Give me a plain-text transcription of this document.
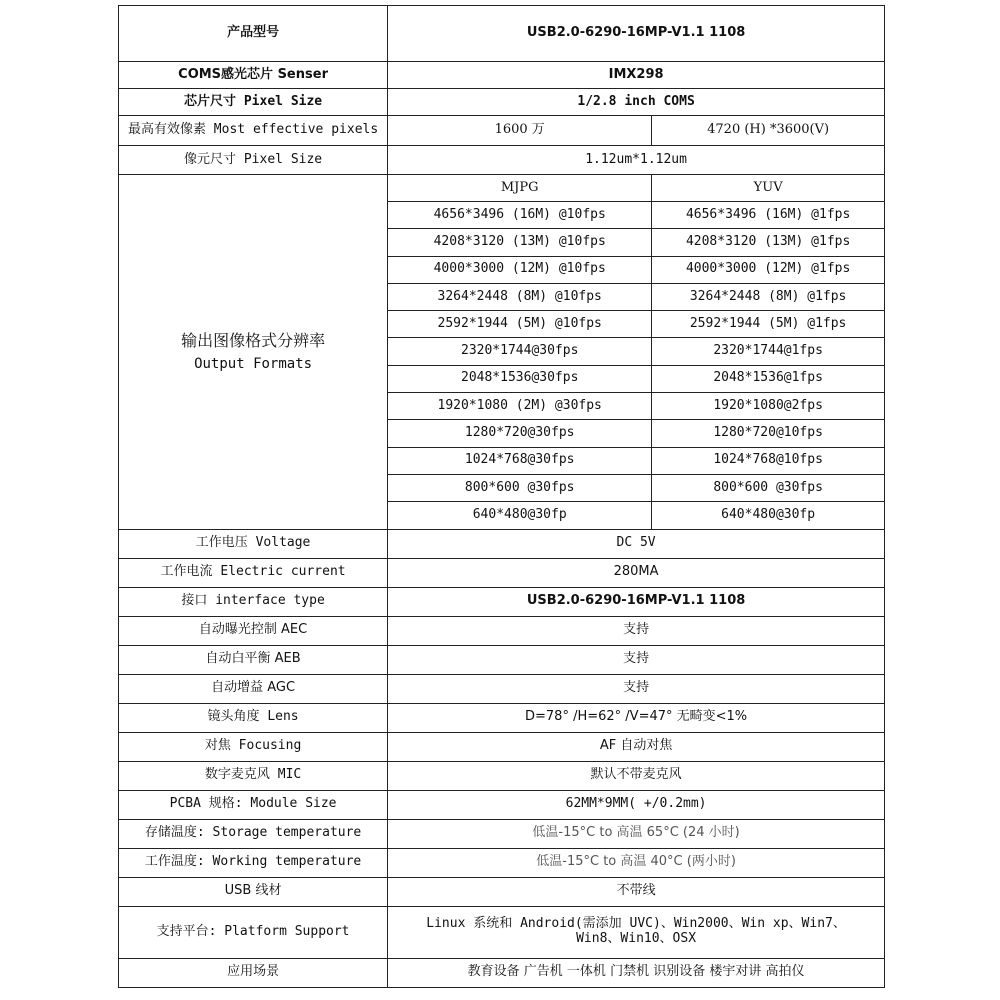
产品型号	USB2.0-6290-16MP-V1.1 1108	
COMS感光芯片 Senser	IMX298	
芯片尺寸 Pixel Size	1/2.8 inch COMS	
最高有效像素 Most effective pixels	1600 万	4720 (H) *3600(V)
像元尺寸 Pixel Size	1.12um*1.12um	

输出图像格式分辨率
Output Formats	MJPG	YUV
	4656*3496 (16M) @10fps	4656*3496 (16M) @1fps
	4208*3120 (13M) @10fps	4208*3120 (13M) @1fps
	4000*3000 (12M) @10fps	4000*3000 (12M) @1fps
	3264*2448 (8M) @10fps	3264*2448 (8M) @1fps
	2592*1944 (5M) @10fps	2592*1944 (5M) @1fps
	2320*1744@30fps	2320*1744@1fps
	2048*1536@30fps	2048*1536@1fps
	1920*1080 (2M) @30fps	1920*1080@2fps
	1280*720@30fps	1280*720@10fps
	1024*768@30fps	1024*768@10fps
	800*600 @30fps	800*600 @30fps
	640*480@30fp	640*480@30fp
工作电压 Voltage	DC 5V	
工作电流 Electric current	280MA	
接口 interface type	USB2.0-6290-16MP-V1.1 1108	
自动曝光控制 AEC	支持	
自动白平衡 AEB	支持	
自动增益 AGC	支持	
镜头角度 Lens	D=78° /H=62° /V=47° 无畸变<1%	
对焦 Focusing	AF 自动对焦	
数字麦克风 MIC	默认不带麦克风	
PCBA 规格: Module Size	62MM*9MM( +/0.2mm)	
存储温度: Storage temperature	低温-15°C to 高温 65°C (24 小时)	
工作温度: Working temperature	低温-15°C to 高温 40°C (两小时)	
USB 线材	不带线	
支持平台: Platform Support	Linux 系统和 Android(需添加 UVC)、Win2000、Win xp、Win7、
Win8、Win10、OSX	

应用场景	教育设备 广告机 一体机 门禁机 识别设备 楼宇对讲 高拍仪	
